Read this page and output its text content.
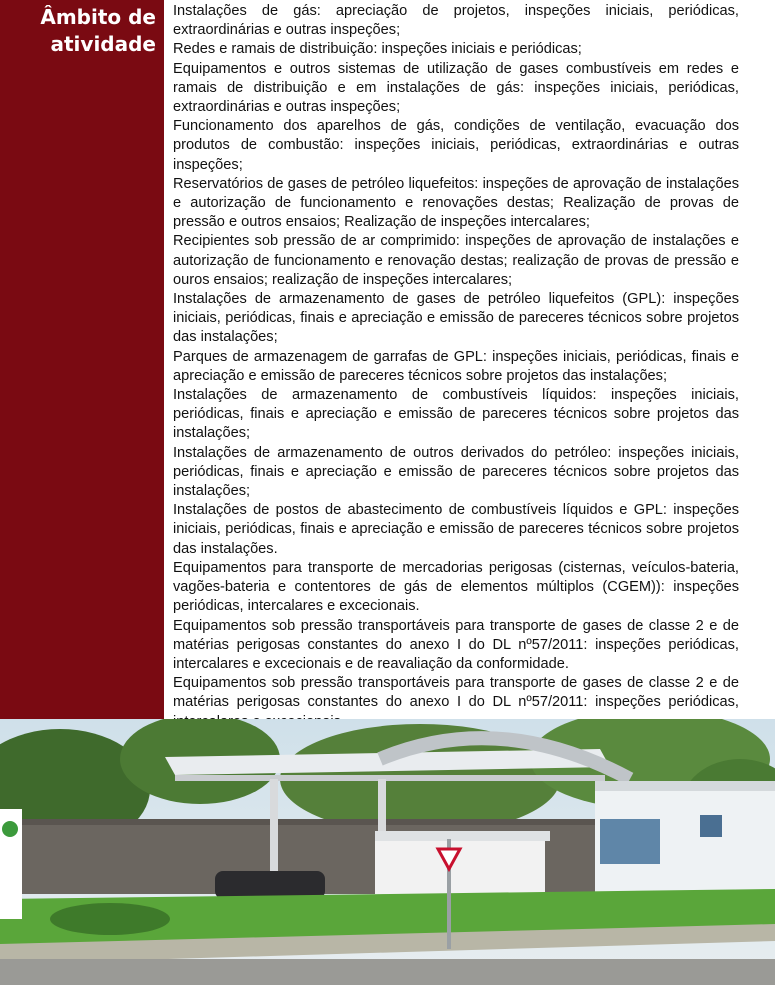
Âmbito de
atividade

Instalações de gás: apreciação de projetos, inspeções iniciais, periódicas, extraordinárias e outras inspeções;

Redes e ramais de distribuição: inspeções iniciais e periódicas;

Equipamentos e outros sistemas de utilização de gases combustíveis em redes e ramais de distribuição e em instalações de gás: inspeções iniciais, periódicas, extraordinárias e outras inspeções;

Funcionamento dos aparelhos de gás, condições de ventilação, evacuação dos produtos de combustão: inspeções iniciais, periódicas, extraordinárias e outras inspeções;

Reservatórios de gases de petróleo liquefeitos: inspeções de aprovação de instalações e autorização de funcionamento e renovações destas; Realização de provas de pressão e outros ensaios; Realização de inspeções intercalares;

Recipientes sob pressão de ar comprimido: inspeções de aprovação de instalações e autorização de funcionamento e renovação destas; realização de provas de pressão e ouros ensaios; realização de inspeções intercalares;

Instalações de armazenamento de gases de petróleo liquefeitos (GPL): inspeções iniciais, periódicas, finais e apreciação e emissão de pareceres técnicos sobre projetos das instalações;

Parques de armazenagem de garrafas de GPL: inspeções iniciais, periódicas, finais e apreciação e emissão de pareceres técnicos sobre projetos das instalações;

Instalações de armazenamento de combustíveis líquidos: inspeções iniciais, periódicas, finais e apreciação e emissão de pareceres técnicos sobre projetos das instalações;

Instalações de armazenamento de outros derivados do petróleo: inspeções iniciais, periódicas, finais e apreciação e emissão de pareceres técnicos sobre projetos das instalações;

Instalações de postos de abastecimento de combustíveis líquidos e GPL: inspeções iniciais, periódicas, finais e apreciação e emissão de pareceres técnicos sobre projetos das instalações.

Equipamentos para transporte de mercadorias perigosas (cisternas, veículos-bateria, vagões-bateria e contentores de gás de elementos múltiplos (CGEM)): inspeções periódicas, intercalares e excecionais.

Equipamentos sob pressão transportáveis para transporte de gases de classe 2 e de matérias perigosas constantes do anexo I do DL nº57/2011: inspeções periódicas, intercalares e excecionais e de reavaliação da conformidade.

Equipamentos sob pressão transportáveis para transporte de gases de classe 2 e de matérias perigosas constantes do anexo I do DL nº57/2011: inspeções periódicas,
